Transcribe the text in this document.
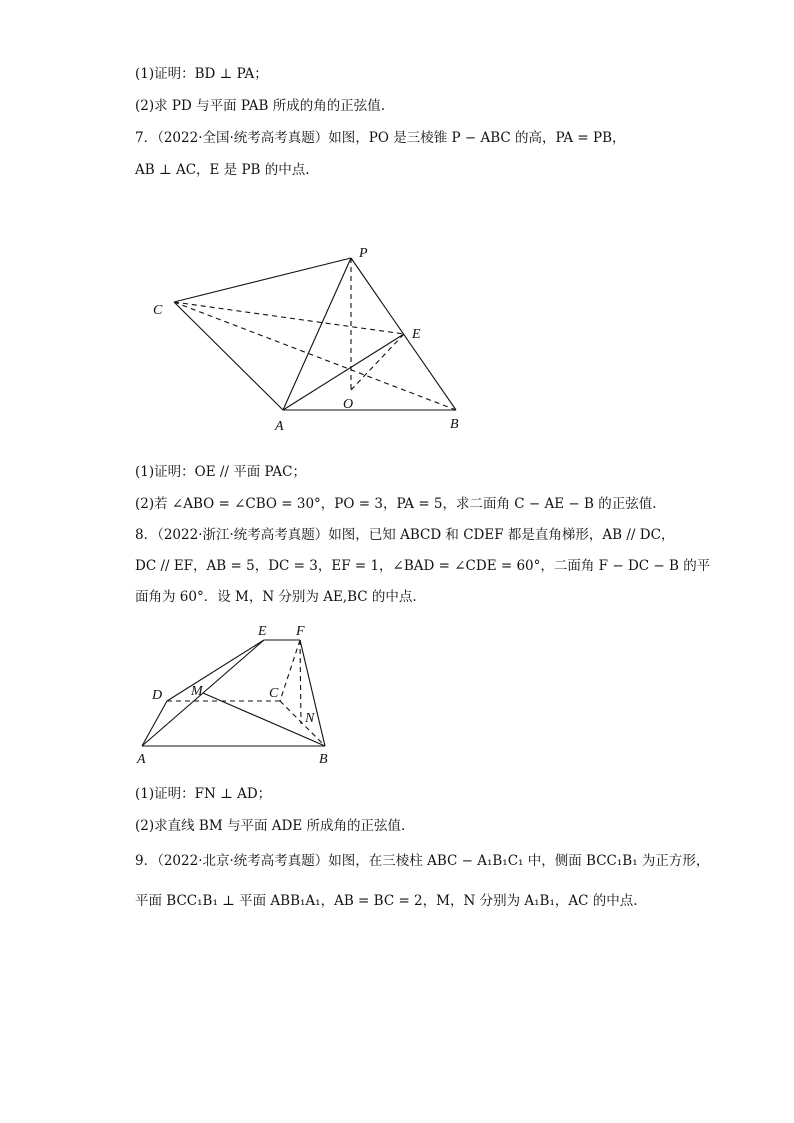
(1)证明：BD ⊥ PA；
(2)求 PD 与平面 PAB 所成的角的正弦值.
7．（2022·全国·统考高考真题）如图，PO 是三棱锥 P − ABC 的高，PA = PB，
AB ⊥ AC，E 是 PB 的中点.
P
C
E
O
A	B
(1)证明：OE // 平面 PAC；
(2)若 ∠ABO = ∠CBO = 30°，PO = 3，PA = 5，求二面角 C − AE − B 的正弦值.
8．（2022·浙江·统考高考真题）如图，已知 ABCD 和 CDEF 都是直角梯形，AB // DC，
DC // EF，AB = 5，DC = 3，EF = 1，∠BAD = ∠CDE = 60°，二面角 F − DC − B 的平
面角为 60°．设 M，N 分别为 AE,BC 的中点.
E F
D M	C
N
A	B
(1)证明：FN ⊥ AD；
(2)求直线 BM 与平面 ADE 所成角的正弦值.
9．（2022·北京·统考高考真题）如图，在三棱柱 ABC − A₁B₁C₁ 中，侧面 BCC₁B₁ 为正方形，
平面 BCC₁B₁ ⊥ 平面 ABB₁A₁，AB = BC = 2，M，N 分别为 A₁B₁，AC 的中点.
